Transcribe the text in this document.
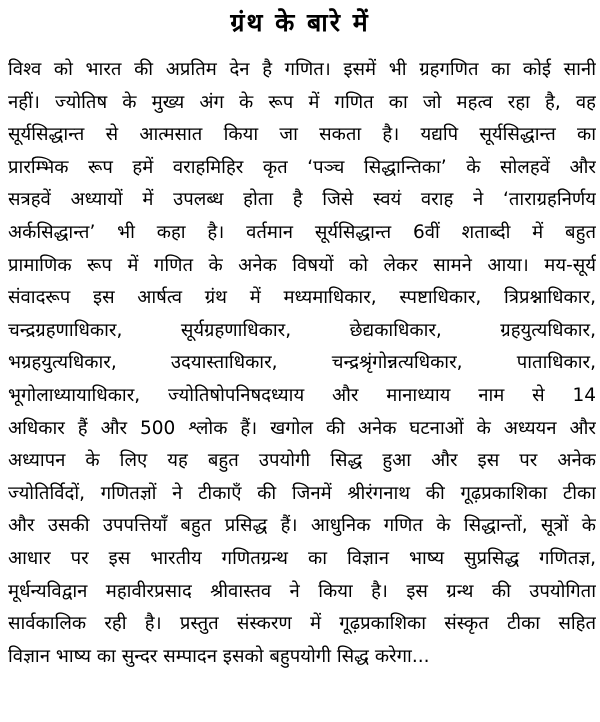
ग्रंथ के बारे में
विश्व को भारत की अप्रतिम देन है गणित। इसमें भी ग्रहगणित का कोई सानी
नहीं। ज्योतिष के मुख्य अंग के रूप में गणित का जो महत्व रहा है, वह
सूर्यसिद्धान्त से आत्मसात किया जा सकता है। यद्यपि सूर्यसिद्धान्त का
प्रारम्भिक रूप हमें वराहमिहिर कृत ‘पञ्च सिद्धान्तिका’ के सोलहवें और
सत्रहवें अध्यायों में उपलब्ध होता है जिसे स्वयं वराह ने ‘ताराग्रहनिर्णय
अर्कसिद्धान्त’ भी कहा है। वर्तमान सूर्यसिद्धान्त 6वीं शताब्दी में बहुत
प्रामाणिक रूप में गणित के अनेक विषयों को लेकर सामने आया। मय-सूर्य
संवादरूप इस आर्षत्व ग्रंथ में मध्यमाधिकार, स्पष्टाधिकार, त्रिप्रश्नाधिकार,
चन्द्रग्रहणाधिकार, सूर्यग्रहणाधिकार, छेद्यकाधिकार, ग्रहयुत्यधिकार,
भग्रहयुत्यधिकार, उदयास्ताधिकार, चन्द्रश्रृंगोन्नत्यधिकार, पाताधिकार,
भूगोलाध्यायाधिकार, ज्योतिषोपनिषदध्याय और मानाध्याय नाम से 14
अधिकार हैं और 500 श्लोक हैं। खगोल की अनेक घटनाओं के अध्ययन और
अध्यापन के लिए यह बहुत उपयोगी सिद्ध हुआ और इस पर अनेक
ज्योतिर्विदों, गणितज्ञों ने टीकाएँ की जिनमें श्रीरंगनाथ की गूढ़प्रकाशिका टीका
और उसकी उपपत्तियाँ बहुत प्रसिद्ध हैं। आधुनिक गणित के सिद्धान्तों, सूत्रों के
आधार पर इस भारतीय गणितग्रन्थ का विज्ञान भाष्य सुप्रसिद्ध गणितज्ञ,
मूर्धन्यविद्वान महावीरप्रसाद श्रीवास्तव ने किया है। इस ग्रन्थ की उपयोगिता
सार्वकालिक रही है। प्रस्तुत संस्करण में गूढ़प्रकाशिका संस्कृत टीका सहित
विज्ञान भाष्य का सुन्दर सम्पादन इसको बहुपयोगी सिद्ध करेगा...
